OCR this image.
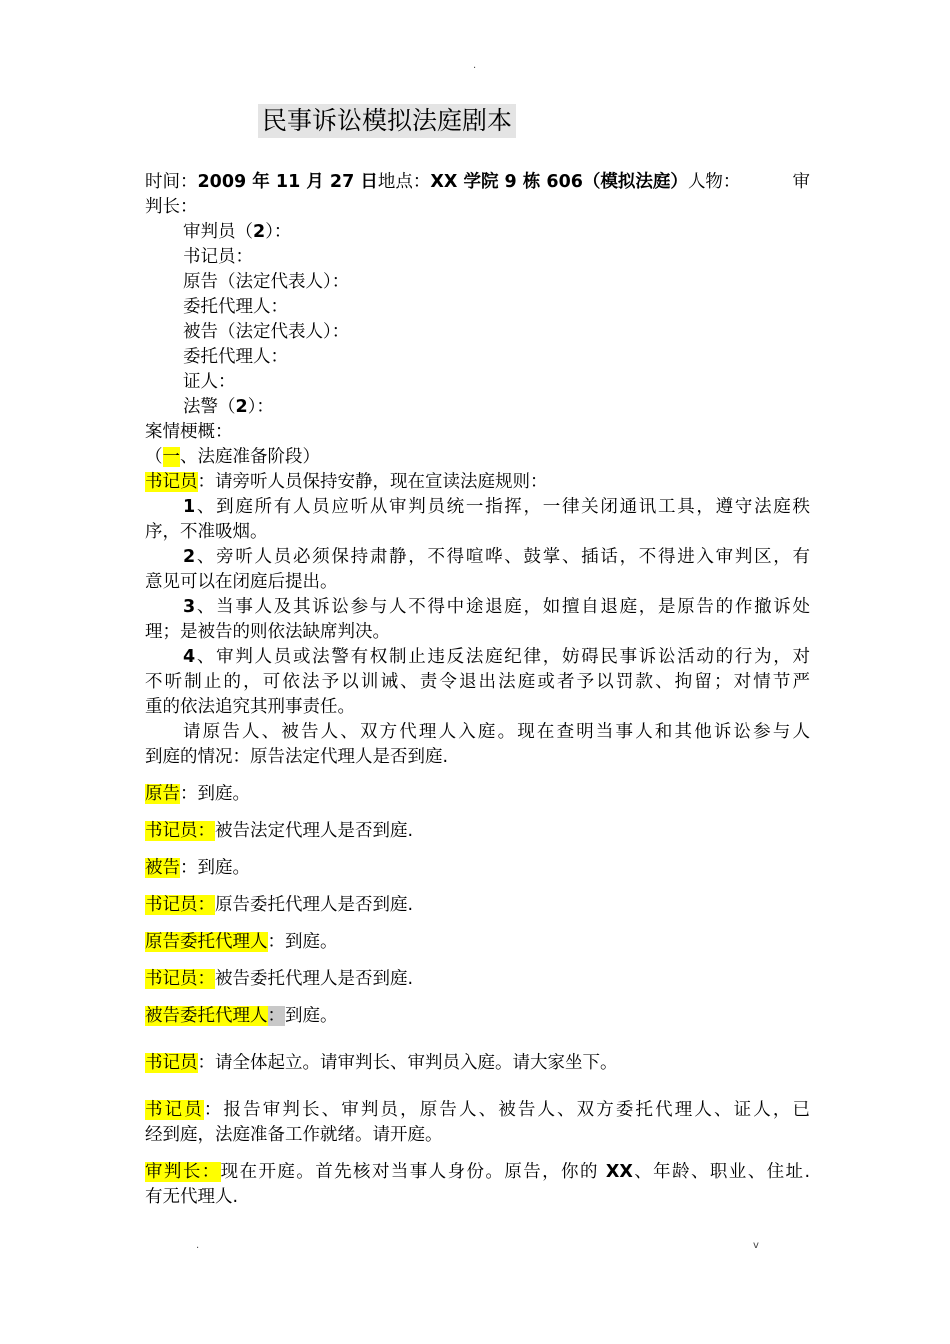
.
民事诉讼模拟法庭剧本

时间：2009 年 11 月 27 日地点：XX 学院 9 栋 606（模拟法庭）人物：	审

判长：

审判员（2）：

书记员：

原告（法定代表人）：

委托代理人：

被告（法定代表人）：

委托代理人：

证人：

法警（2）：

案情梗概：

（一、法庭准备阶段）

书记员：请旁听人员保持安静，现在宣读法庭规则：

1、到庭所有人员应听从审判员统一指挥，一律关闭通讯工具，遵守法庭秩

序，不准吸烟。

2、旁听人员必须保持肃静，不得喧哗、鼓掌、插话，不得进入审判区，有

意见可以在闭庭后提出。

3、当事人及其诉讼参与人不得中途退庭，如擅自退庭，是原告的作撤诉处

理；是被告的则依法缺席判决。

4、审判人员或法警有权制止违反法庭纪律，妨碍民事诉讼活动的行为，对

不听制止的，可依法予以训诫、责令退出法庭或者予以罚款、拘留；对情节严

重的依法追究其刑事责任。

请原告人、被告人、双方代理人入庭。现在查明当事人和其他诉讼参与人

到庭的情况：原告法定代理人是否到庭.

原告：到庭。

书记员：被告法定代理人是否到庭.

被告：到庭。

书记员：原告委托代理人是否到庭.

原告委托代理人：到庭。

书记员：被告委托代理人是否到庭.

被告委托代理人：到庭。

书记员：请全体起立。请审判长、审判员入庭。请大家坐下。

书记员：报告审判长、审判员，原告人、被告人、双方委托代理人、证人，已

经到庭，法庭准备工作就绪。请开庭。

审判长：现在开庭。首先核对当事人身份。原告，你的 XX、年龄、职业、住址.

有无代理人.

.	v
